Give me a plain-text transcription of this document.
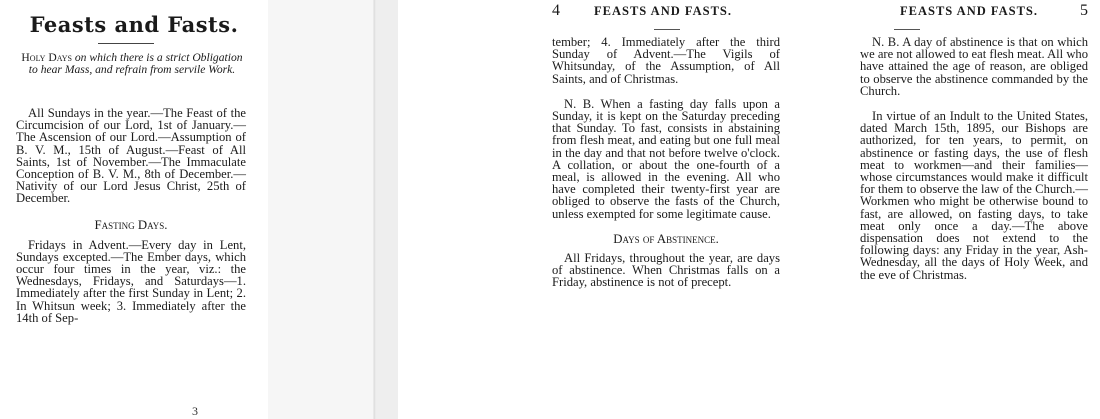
Feasts and Fasts.
Holy Days on which there is a strict Obligation to hear Mass, and refrain from servile Work.

All Sundays in the year.—The Feast of the Circumcision of our Lord, 1st of January.—The Ascension of our Lord.—Assumption of B. V. M., 15th of August.—Feast of All Saints, 1st of November.—The Immaculate Conception of B. V. M., 8th of December.—Nativity of our Lord Jesus Christ, 25th of December.

Fasting Days.

Fridays in Advent.—Every day in Lent, Sundays excepted.—The Ember days, which occur four times in the year, viz.: the Wednesdays, Fridays, and Saturdays—1. Immediately after the first Sunday in Lent; 2. In Whitsun week; 3. Immediately after the 14th of Sep-

3
4	FEASTS AND FASTS.

tember; 4. Immediately after the third Sunday of Advent.—The Vigils of Whitsunday, of the Assumption, of All Saints, and of Christmas.

N. B. When a fasting day falls upon a Sunday, it is kept on the Saturday preceding that Sunday. To fast, consists in abstaining from flesh meat, and eating but one full meal in the day and that not before twelve o'clock. A collation, or about the one-fourth of a meal, is allowed in the evening. All who have completed their twenty-first year are obliged to observe the fasts of the Church, unless exempted for some legitimate cause.

Days of Abstinence.

All Fridays, throughout the year, are days of abstinence. When Christmas falls on a Friday, abstinence is not of precept.

FEASTS AND FASTS.	5

N. B. A day of abstinence is that on which we are not allowed to eat flesh meat. All who have attained the age of reason, are obliged to observe the abstinence commanded by the Church.

In virtue of an Indult to the United States, dated March 15th, 1895, our Bishops are authorized, for ten years, to permit, on abstinence or fasting days, the use of flesh meat to workmen—and their families—whose circumstances would make it difficult for them to observe the law of the Church.—Workmen who might be otherwise bound to fast, are allowed, on fasting days, to take meat only once a day.—The above dispensation does not extend to the following days: any Friday in the year, Ash-Wednesday, all the days of Holy Week, and the eve of Christmas.
